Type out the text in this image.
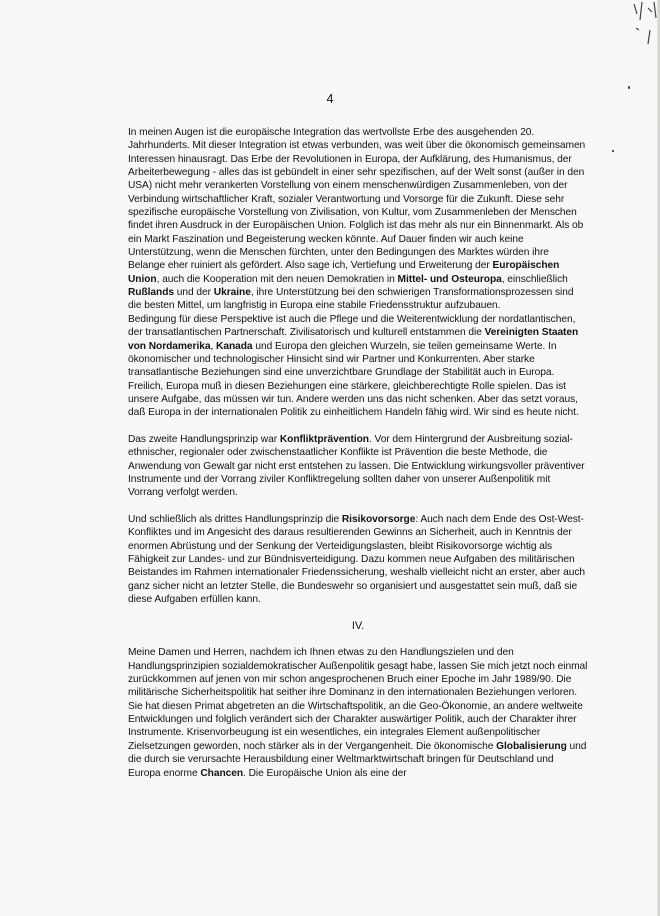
4

In meinen Augen ist die europäische Integration das wertvollste Erbe des ausgehenden 20. Jahrhunderts. Mit dieser Integration ist etwas verbunden, was weit über die ökonomisch gemeinsamen Interessen hinausragt. Das Erbe der Revolutionen in Europa, der Aufklärung, des Humanismus, der Arbeiterbewegung - alles das ist gebündelt in einer sehr spezifischen, auf der Welt sonst (außer in den USA) nicht mehr verankerten Vorstellung von einem menschenwürdigen Zusammenleben, von der Verbindung wirtschaftlicher Kraft, sozialer Verantwortung und Vorsorge für die Zukunft. Diese sehr spezifische europäische Vorstellung von Zivilisation, von Kultur, vom Zusammenleben der Menschen findet ihren Ausdruck in der Europäischen Union. Folglich ist das mehr als nur ein Binnenmarkt. Als ob ein Markt Faszination und Begeisterung wecken könnte. Auf Dauer finden wir auch keine Unterstützung, wenn die Menschen fürchten, unter den Bedingungen des Marktes würden ihre Belange eher ruiniert als gefördert. Also sage ich, Vertiefung und Erweiterung der Europäischen Union, auch die Kooperation mit den neuen Demokratien in Mittel- und Osteuropa, einschließlich Rußlands und der Ukraine, ihre Unterstützung bei den schwierigen Transformationsprozessen sind die besten Mittel, um langfristig in Europa eine stabile Friedensstruktur aufzubauen.

Bedingung für diese Perspektive ist auch die Pflege und die Weiterentwicklung der nordatlantischen, der transatlantischen Partnerschaft. Zivilisatorisch und kulturell entstammen die Vereinigten Staaten von Nordamerika, Kanada und Europa den gleichen Wurzeln, sie teilen gemeinsame Werte. In ökonomischer und technologischer Hinsicht sind wir Partner und Konkurrenten. Aber starke transatlantische Beziehungen sind eine unverzichtbare Grundlage der Stabilität auch in Europa. Freilich, Europa muß in diesen Beziehungen eine stärkere, gleichberechtigte Rolle spielen. Das ist unsere Aufgabe, das müssen wir tun. Andere werden uns das nicht schenken. Aber das setzt voraus, daß Europa in der internationalen Politik zu einheitlichem Handeln fähig wird. Wir sind es heute nicht.

Das zweite Handlungsprinzip war Konfliktprävention. Vor dem Hintergrund der Ausbreitung sozial-ethnischer, regionaler oder zwischenstaatlicher Konflikte ist Prävention die beste Methode, die Anwendung von Gewalt gar nicht erst entstehen zu lassen. Die Entwicklung wirkungsvoller präventiver Instrumente und der Vorrang ziviler Konfliktregelung sollten daher von unserer Außenpolitik mit Vorrang verfolgt werden.

Und schließlich als drittes Handlungsprinzip die Risikovorsorge: Auch nach dem Ende des Ost-West-Konfliktes und im Angesicht des daraus resultierenden Gewinns an Sicherheit, auch in Kenntnis der enormen Abrüstung und der Senkung der Verteidigungslasten, bleibt Risikovorsorge wichtig als Fähigkeit zur Landes- und zur Bündnisverteidigung. Dazu kommen neue Aufgaben des militärischen Beistandes im Rahmen internationaler Friedenssicherung, weshalb vielleicht nicht an erster, aber auch ganz sicher nicht an letzter Stelle, die Bundeswehr so organisiert und ausgestattet sein muß, daß sie diese Aufgaben erfüllen kann.

IV.

Meine Damen und Herren, nachdem ich Ihnen etwas zu den Handlungszielen und den Handlungsprinzipien sozialdemokratischer Außenpolitik gesagt habe, lassen Sie mich jetzt noch einmal zurückkommen auf jenen von mir schon angesprochenen Bruch einer Epoche im Jahr 1989/90. Die militärische Sicherheitspolitik hat seither ihre Dominanz in den internationalen Beziehungen verloren. Sie hat diesen Primat abgetreten an die Wirtschaftspolitik, an die Geo-Ökonomie, an andere weltweite Entwicklungen und folglich verändert sich der Charakter auswärtiger Politik, auch der Charakter ihrer Instrumente. Krisenvorbeugung ist ein wesentliches, ein integrales Element außenpolitischer Zielsetzungen geworden, noch stärker als in der Vergangenheit. Die ökonomische Globalisierung und die durch sie verursachte Herausbildung einer Weltmarktwirtschaft bringen für Deutschland und Europa enorme Chancen. Die Europäische Union als eine der
